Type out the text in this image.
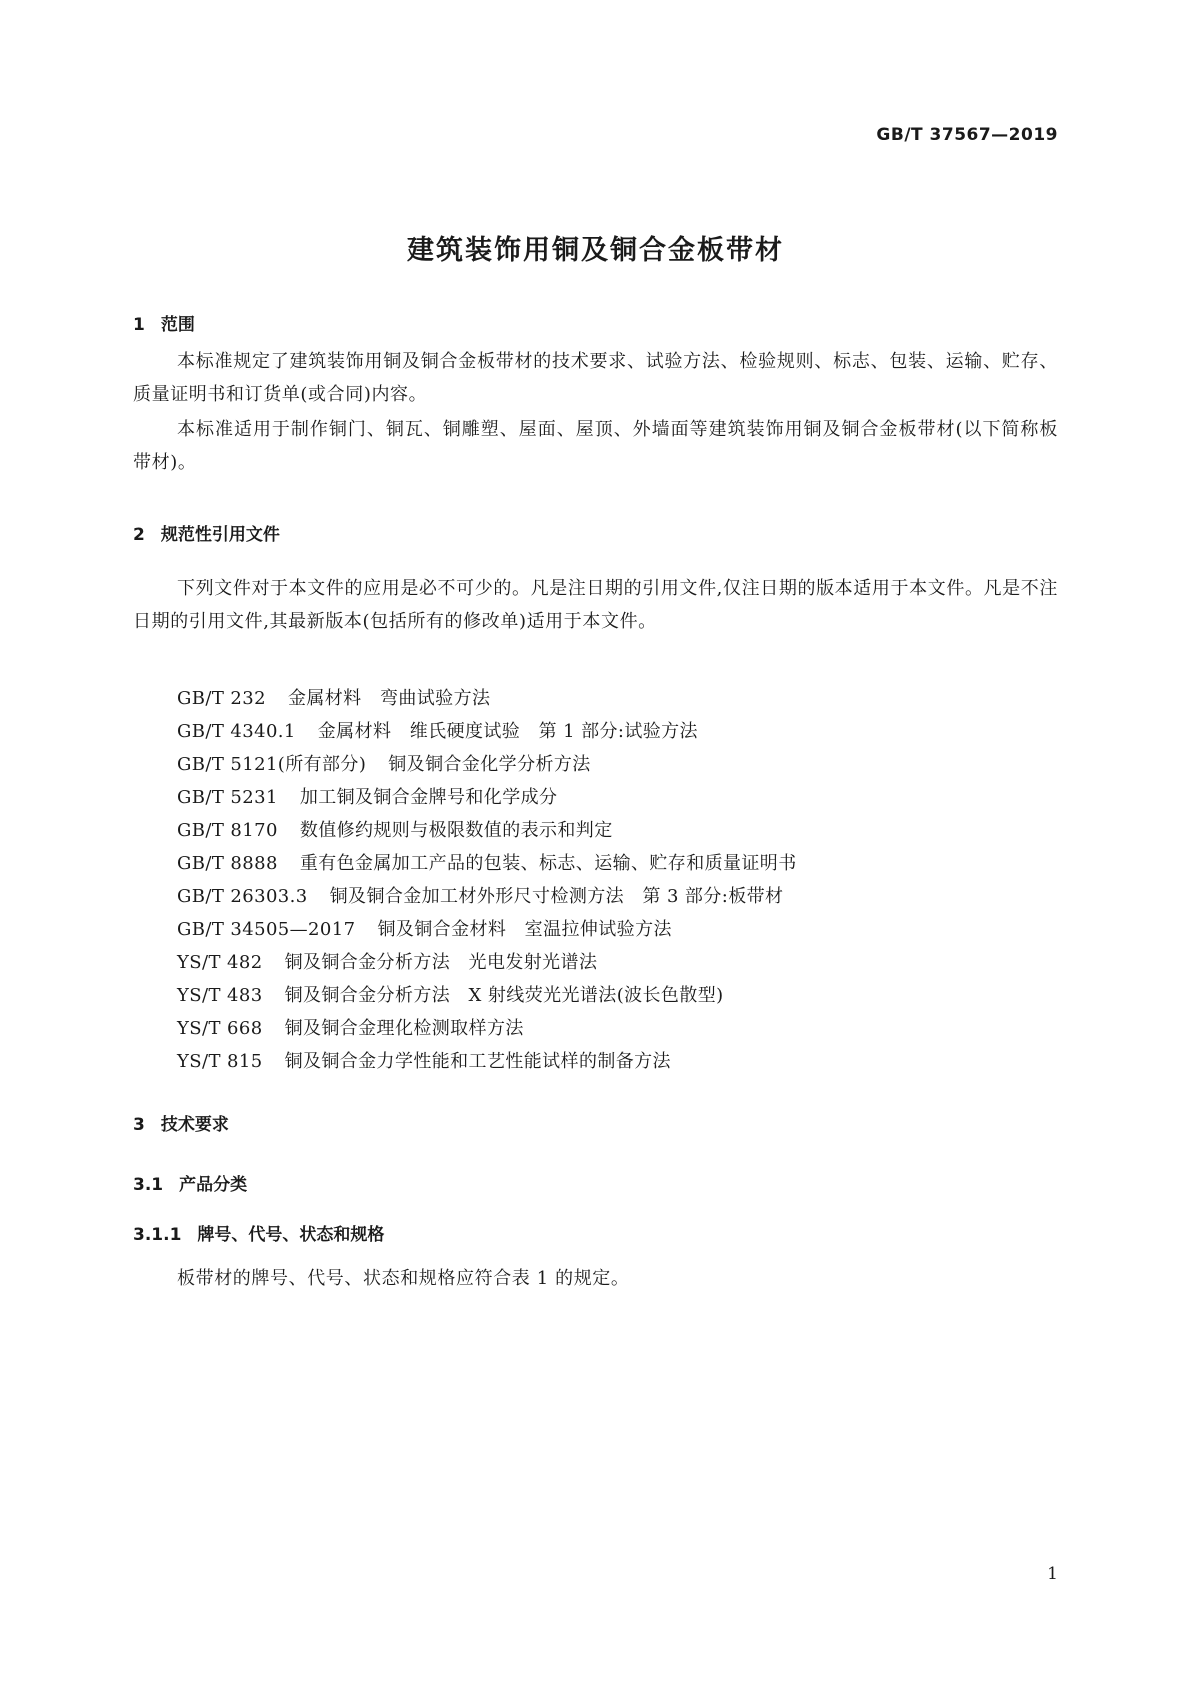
GB/T 37567—2019
建筑装饰用铜及铜合金板带材
1 范围

本标准规定了建筑装饰用铜及铜合金板带材的技术要求、试验方法、检验规则、标志、包装、运输、贮存、质量证明书和订货单(或合同)内容。

本标准适用于制作铜门、铜瓦、铜雕塑、屋面、屋顶、外墙面等建筑装饰用铜及铜合金板带材(以下简称板带材)。

2 规范性引用文件

下列文件对于本文件的应用是必不可少的。凡是注日期的引用文件,仅注日期的版本适用于本文件。凡是不注日期的引用文件,其最新版本(包括所有的修改单)适用于本文件。

GB/T 232 金属材料　弯曲试验方法
GB/T 4340.1 金属材料　维氏硬度试验　第 1 部分:试验方法
GB/T 5121(所有部分) 铜及铜合金化学分析方法
GB/T 5231 加工铜及铜合金牌号和化学成分
GB/T 8170 数值修约规则与极限数值的表示和判定
GB/T 8888 重有色金属加工产品的包装、标志、运输、贮存和质量证明书
GB/T 26303.3 铜及铜合金加工材外形尺寸检测方法　第 3 部分:板带材
GB/T 34505—2017 铜及铜合金材料　室温拉伸试验方法
YS/T 482 铜及铜合金分析方法　光电发射光谱法
YS/T 483 铜及铜合金分析方法　X 射线荧光光谱法(波长色散型)
YS/T 668 铜及铜合金理化检测取样方法
YS/T 815 铜及铜合金力学性能和工艺性能试样的制备方法
3 技术要求
3.1 产品分类
3.1.1 牌号、代号、状态和规格

板带材的牌号、代号、状态和规格应符合表 1 的规定。

1
